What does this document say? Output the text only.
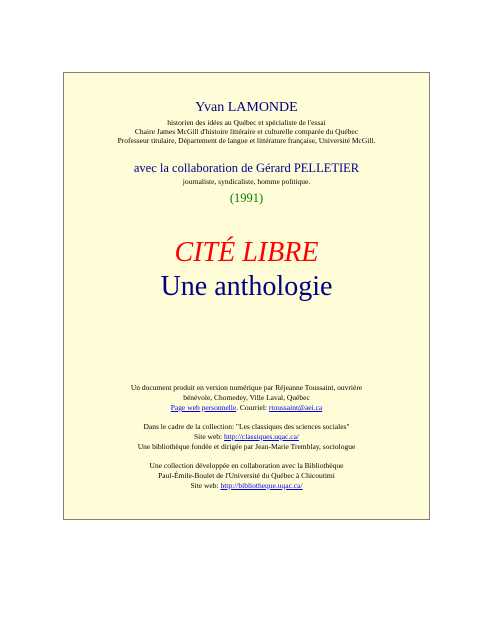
Yvan LAMONDE
historien des idées au Québec et spécialiste de l'essai
Chaire James McGill d'histoire littéraire et culturelle comparée du Québec
Professeur titulaire, Département de langue et littérature française, Université McGill.
avec la collaboration de Gérard PELLETIER
journaliste, syndicaliste, homme politique.
(1991)
CITÉ LIBRE
Une anthologie
Un document produit en version numérique par Réjeanne Toussaint, ouvrière
bénévole, Chomedey, Ville Laval, Québec
Page web personnelle. Courriel: rtoussaint@aei.ca
Dans le cadre de la collection: "Les classiques des sciences sociales"
Site web: http://classiques.uqac.ca/
Une bibliothèque fondée et dirigée par Jean-Marie Tremblay, sociologue
Une collection développée en collaboration avec la Bibliothèque
Paul-Émile-Boulet de l'Université du Québec à Chicoutimi
Site web: http://bibliotheque.uqac.ca/
